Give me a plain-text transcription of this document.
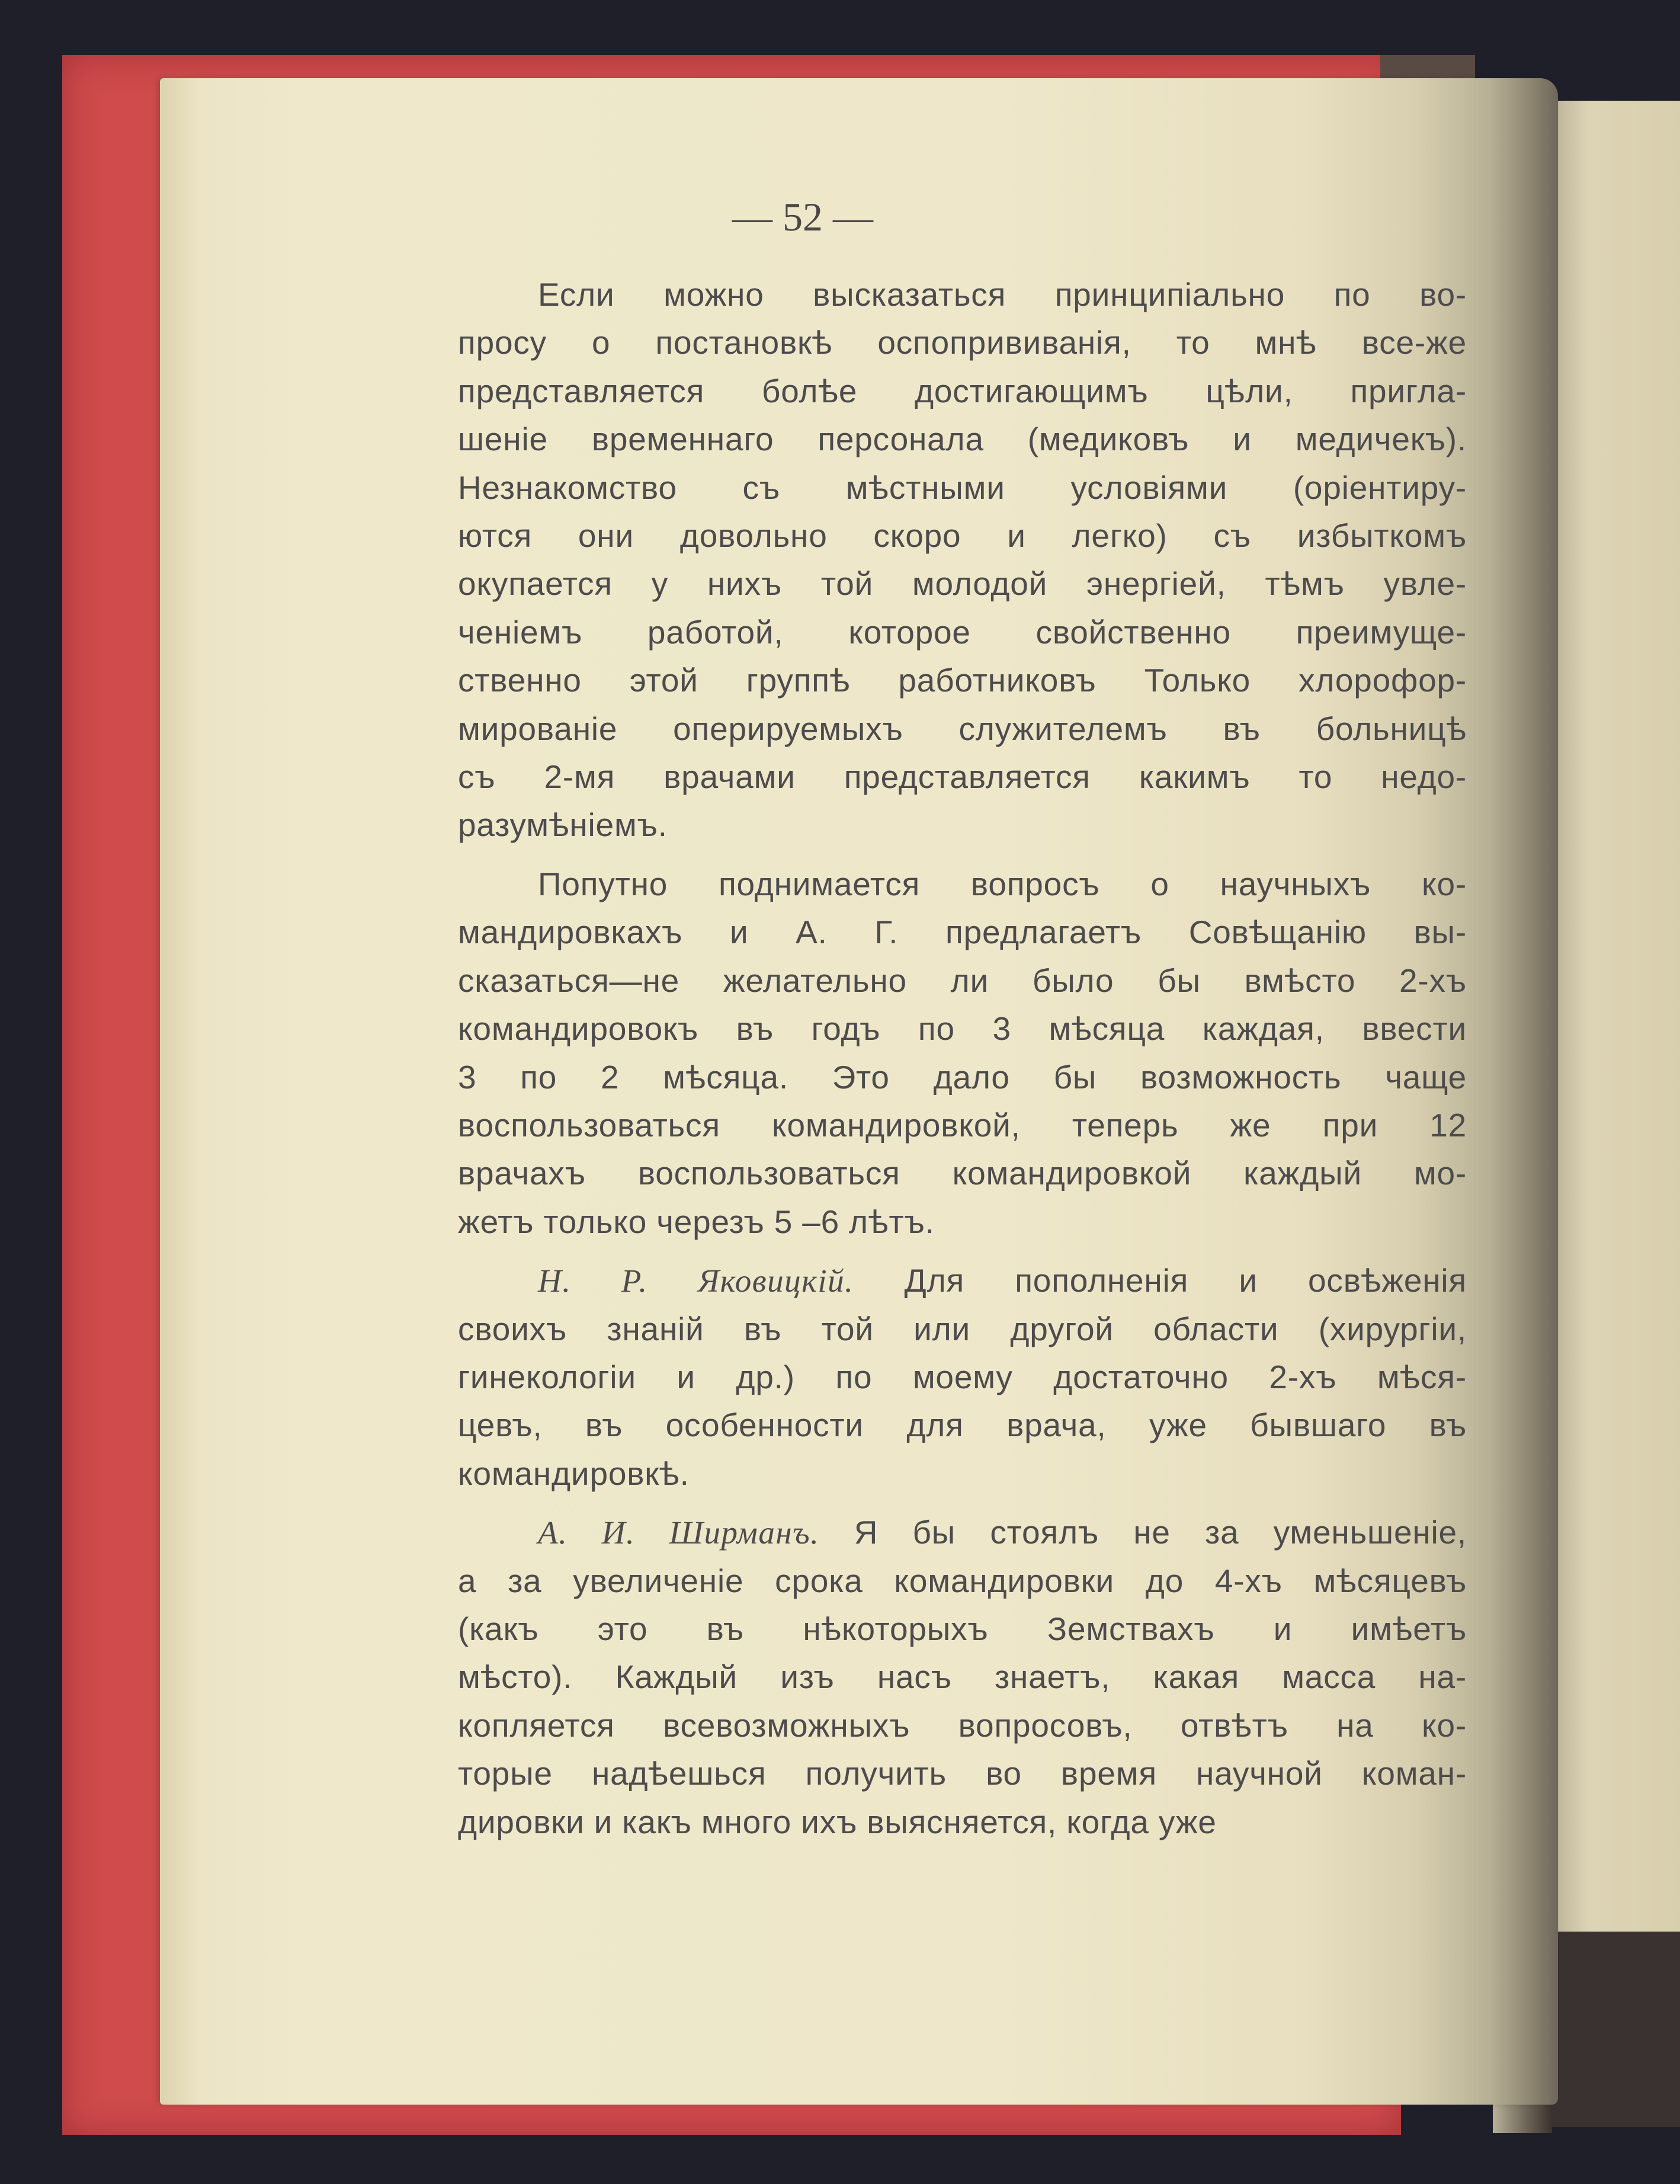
— 52 —
Если можно высказаться принципіально по во-
просу о постановкѣ оспопрививанія, то мнѣ все-же
представляется болѣе достигающимъ цѣли, пригла-
шеніе временнаго персонала (медиковъ и медичекъ).
Незнакомство съ мѣстными условіями (оріентиру-
ются они довольно скоро и легко) съ избыткомъ
окупается у нихъ той молодой энергiей, тѣмъ увле-
ченіемъ работой, которое свойственно преимуще-
ственно этой группѣ работниковъ Только хлорофор-
мированіе оперируемыхъ служителемъ въ больницѣ
съ 2-мя врачами представляется какимъ то недо-
разумѣніемъ.
Попутно поднимается вопросъ о научныхъ ко-
мандировкахъ и А. Г. предлагаетъ Совѣщанію вы-
сказаться—не желательно ли было бы вмѣсто 2-хъ
командировокъ въ годъ по 3 мѣсяца каждая, ввести
3 по 2 мѣсяца. Это дало бы возможность чаще
воспользоваться командировкой, теперь же при 12
врачахъ воспользоваться командировкой каждый мо-
жетъ только черезъ 5 –6 лѣтъ.
Н. Р. Яковицкій. Для пополненія и освѣженія
своихъ знаній въ той или другой области (хирургіи,
гинекологіи и др.) по моему достаточно 2-хъ мѣся-
цевъ, въ особенности для врача, уже бывшаго въ
командировкѣ.
А. И. Ширманъ. Я бы стоялъ не за уменьшеніе,
а за увеличеніе срока командировки до 4-хъ мѣсяцевъ
(какъ это въ нѣкоторыхъ Земствахъ и имѣетъ
мѣсто). Каждый изъ насъ знаетъ, какая масса на-
копляется всевозможныхъ вопросовъ, отвѣтъ на ко-
торые надѣешься получить во время научной коман-
дировки и какъ много ихъ выясняется, когда уже
